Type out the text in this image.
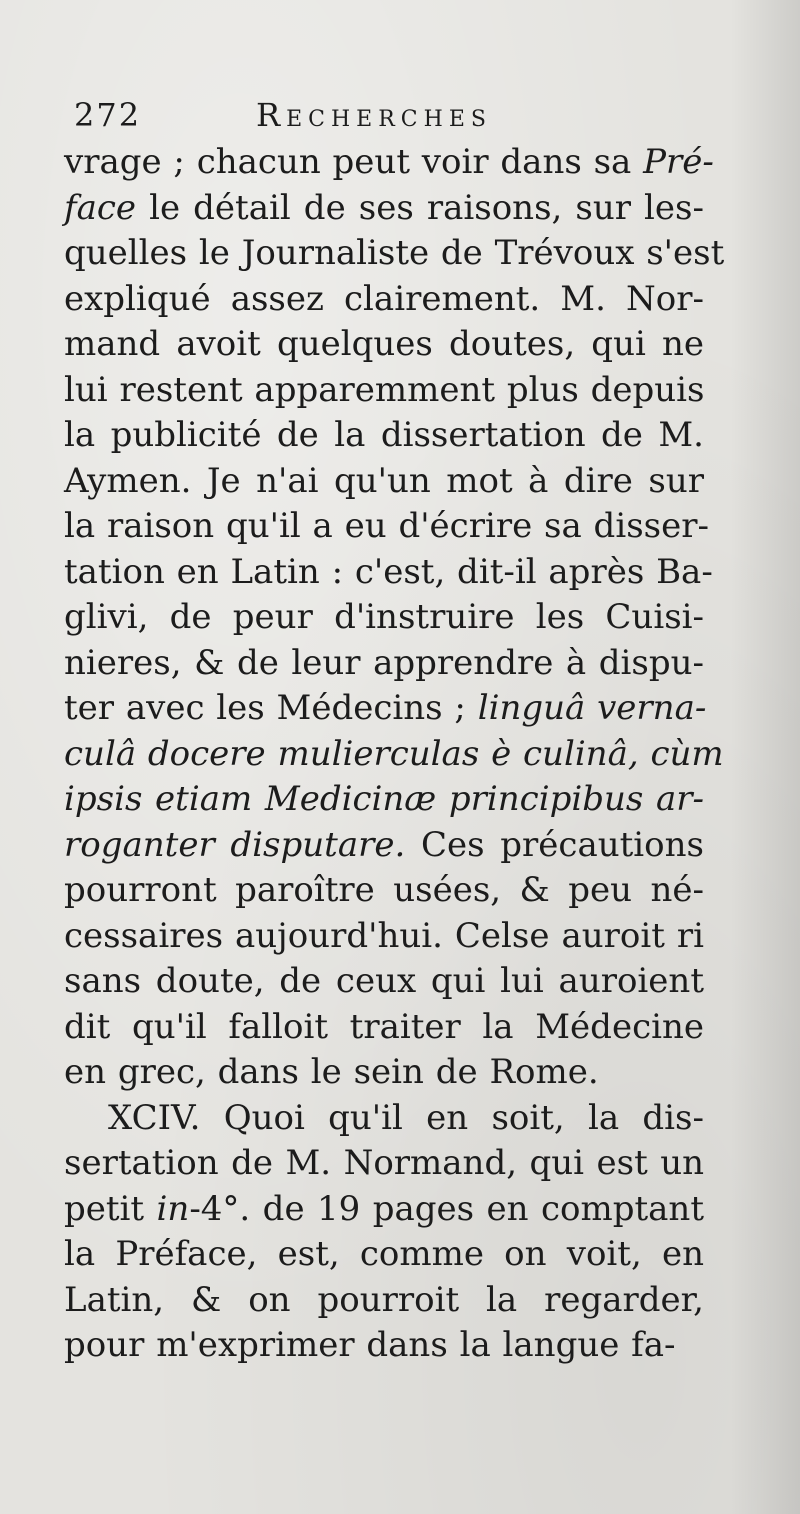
272	Recherches
vrage ; chacun peut voir dans sa Pré-
face le détail de ses raisons, sur les-
quelles le Journaliste de Trévoux s'est
expliqué assez clairement. M. Nor-
mand avoit quelques doutes, qui ne
lui restent apparemment plus depuis
la publicité de la dissertation de M.
Aymen. Je n'ai qu'un mot à dire sur
la raison qu'il a eu d'écrire sa disser-
tation en Latin : c'est, dit-il après Ba-
glivi, de peur d'instruire les Cuisi-
nieres, & de leur apprendre à dispu-
ter avec les Médecins ; linguâ verna-
culâ docere mulierculas è culinâ, cùm
ipsis etiam Medicinæ principibus ar-
roganter disputare. Ces précautions
pourront paroître usées, & peu né-
cessaires aujourd'hui. Celse auroit ri
sans doute, de ceux qui lui auroient
dit qu'il falloit traiter la Médecine
en grec, dans le sein de Rome.
XCIV. Quoi qu'il en soit, la dis-
sertation de M. Normand, qui est un
petit in-4°. de 19 pages en comptant
la Préface, est, comme on voit, en
Latin, & on pourroit la regarder,
pour m'exprimer dans la langue fa-
